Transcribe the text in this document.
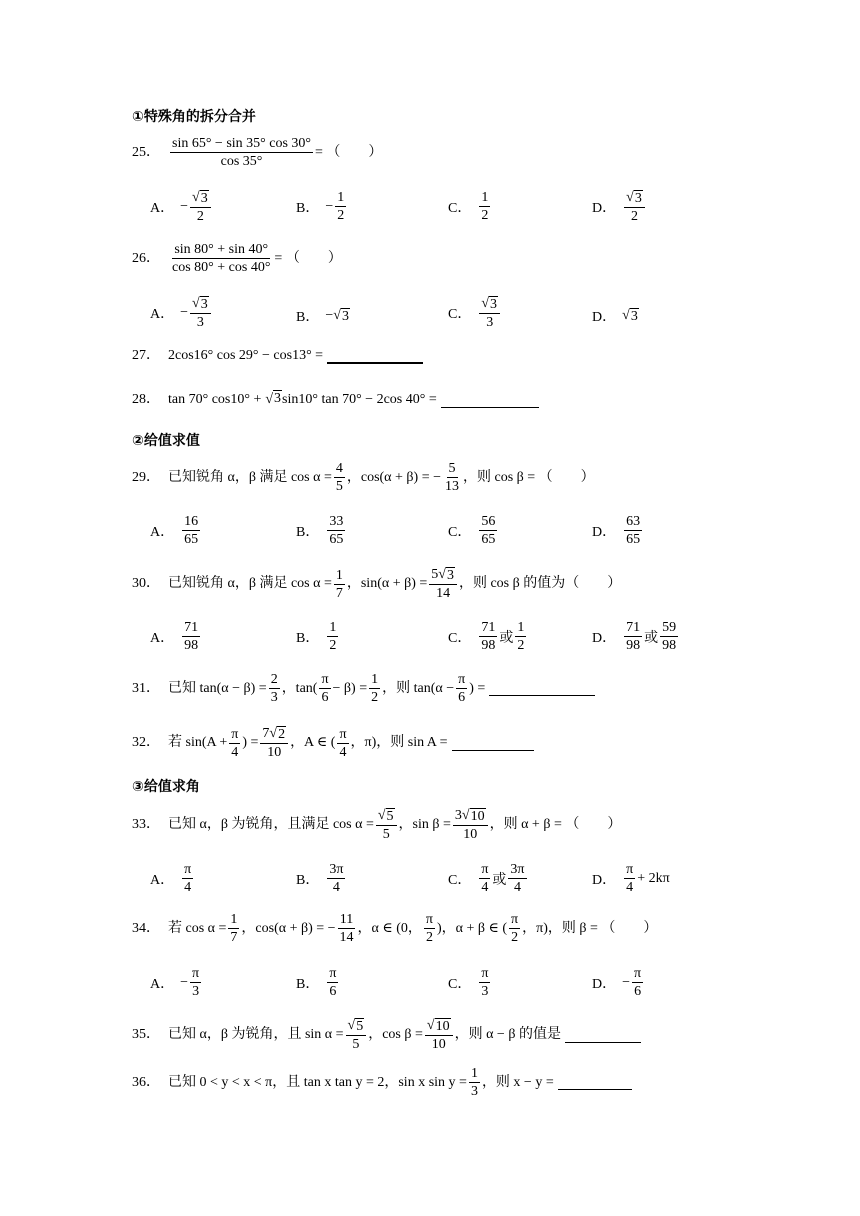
①特殊角的拆分合并
25． $\frac{\sin 65^\circ - \sin 35^\circ \cos 30^\circ}{\cos 35^\circ}$ = （　　）
A． − $\frac{√ 3}{2}$	B． − $\frac{1}{2}$	C． $\frac{1}{2}$	D． $\frac{√ 3}{2}$
26． $\frac{\sin 80^\circ + \sin 40^\circ}{\cos 80^\circ + \cos 40^\circ}$ = （　　）
A． − $\frac{√ 3}{3}$	B． − √ 3	C． $\frac{√ 3}{3}$	D． √ 3
27． 2cos16° cos 29° − cos13° =
28． tan 70° cos10° + √ 3 sin10° tan 70° − 2cos 40° =
②给值求值
29． 已知锐角 α，β 满足 $\cos \alpha = \frac{4}{5}$ ，cos(α + β) = − $\frac{5}{13}$ ，则 cos β = （　　）
A． $\frac{16}{65}$	B． $\frac{33}{65}$	C． $\frac{56}{65}$	D． $\frac{63}{65}$
30． 已知锐角 α，β 满足 $\cos \alpha = \frac{1}{7}$ ，$\sin(\alpha + \beta) = \frac{5 √ 3}{14}$ ，则 cos β 的值为（　　）
A． $\frac{71}{98}$	B． $\frac{1}{2}$	C． $\frac{71}{98}$ 或 $\frac{1}{2}$	D． $\frac{71}{98}$ 或 $\frac{59}{98}$
31． 已知 $\tan(\alpha - \beta) = \frac{2}{3}$ ，$\tan( \frac{\pi}{6} - \beta) = \frac{1}{2}$ ，则 $\tan(\alpha - \frac{\pi}{6}$ ) =
32． 若 $\sin(A + \frac{\pi}{4}$ ) = $\frac{7 √ 2}{10}$ ，A ∈ ( $\frac{\pi}{4}$ ，π)，则 sin A =
③给值求角
33． 已知 α，β 为锐角，且满足 $\cos \alpha = \frac{√ 5}{5}$ ，$\sin \beta = \frac{3 √ 10}{10}$ ，则 α + β = （　　）
A． $\frac{\pi}{4}$	B． $\frac{3\pi}{4}$	C． $\frac{\pi}{4}$ 或 $\frac{3\pi}{4}$	D． $\frac{\pi}{4} + 2k\pi$
34． 若 $\cos \alpha = \frac{1}{7}$ ，cos(α + β) = − $\frac{11}{14}$ ，α ∈ (0， $\frac{\pi}{2}$ )，α + β ∈ ( $\frac{\pi}{2}$ ，π)，则 β = （　　）
A． − $\frac{\pi}{3}$	B． $\frac{\pi}{6}$	C． $\frac{\pi}{3}$	D． − $\frac{\pi}{6}$
35． 已知 α，β 为锐角，且 $\sin \alpha = \frac{√ 5}{5}$ ，$\cos \beta = \frac{√ 10}{10}$ ，则 α − β 的值是
36． 已知 0 < y < x < π，且 tan x tan y = 2，sin x $\sin y = \frac{1}{3}$ ，则 x − y =
